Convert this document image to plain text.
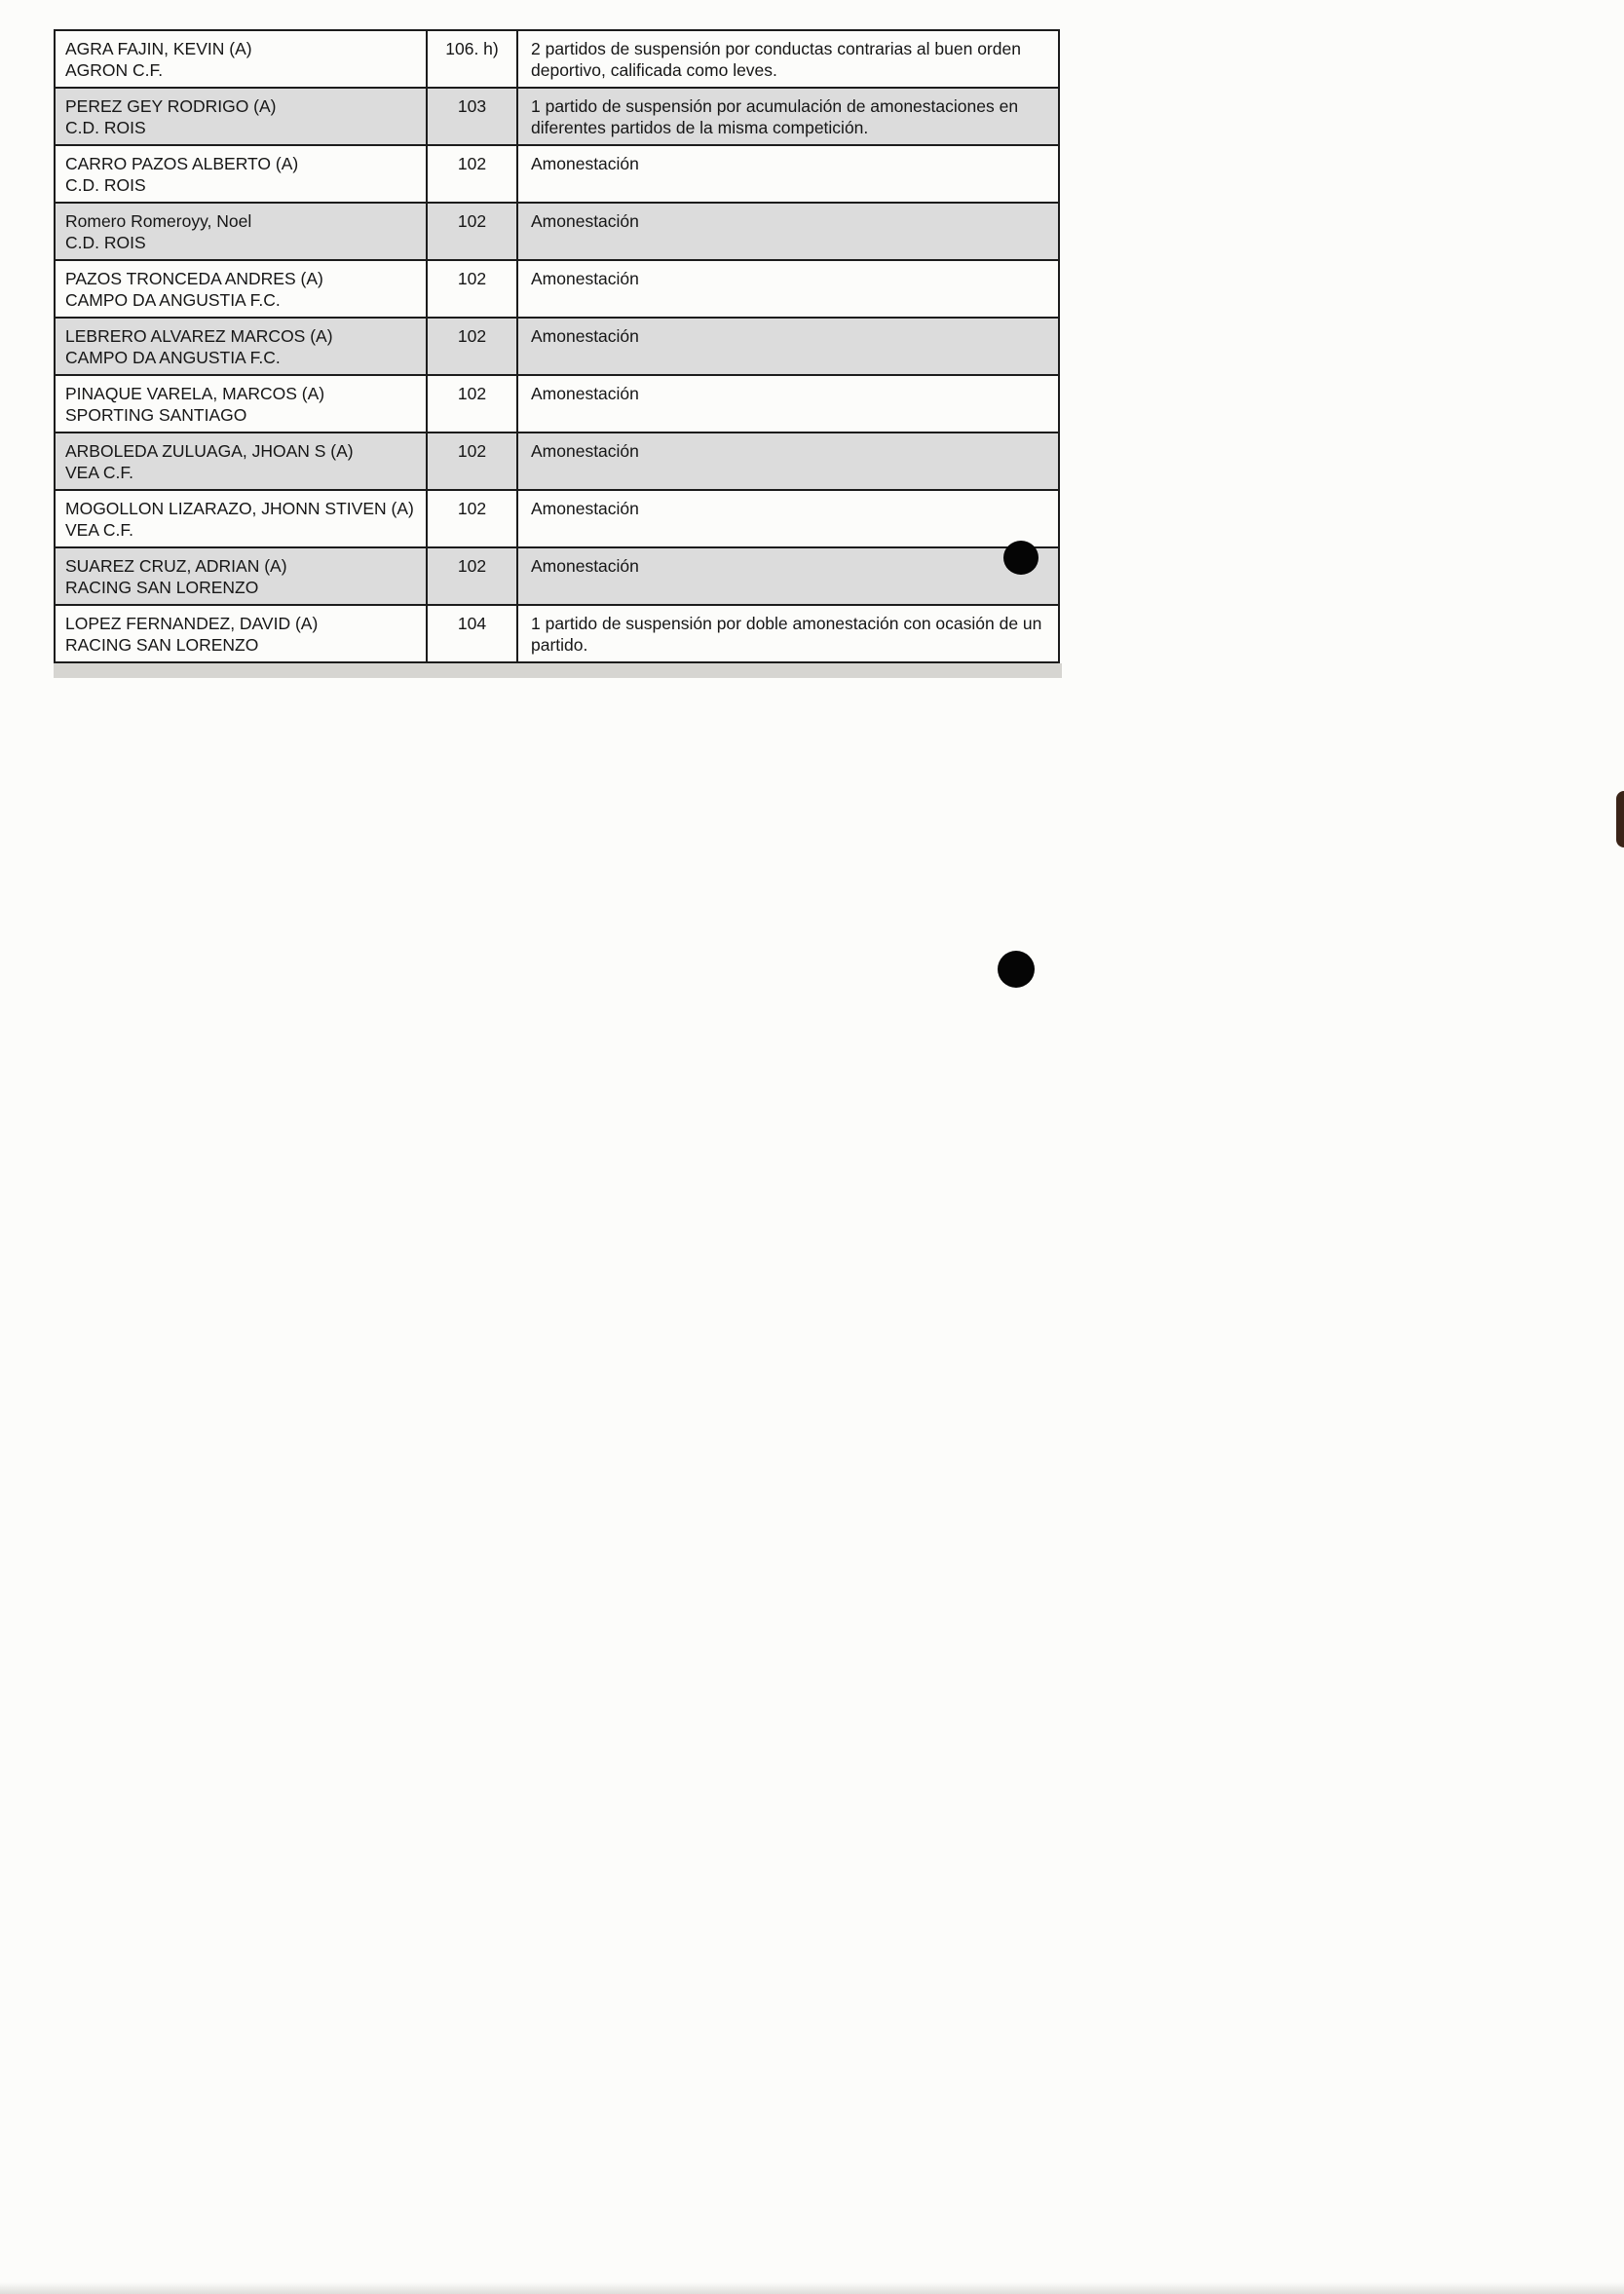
AGRA FAJIN, KEVIN (A)
AGRON C.F.
106. h)	2 partidos de suspensión por conductas contrarias al buen orden deportivo, calificada como leves.
PEREZ GEY RODRIGO (A)
C.D. ROIS
103	1 partido de suspensión por acumulación de amonestaciones en diferentes partidos de la misma competición.
CARRO PAZOS ALBERTO (A)
C.D. ROIS
102	Amonestación
Romero Romeroyy, Noel
C.D. ROIS
102	Amonestación
PAZOS TRONCEDA ANDRES (A)
CAMPO DA ANGUSTIA F.C.
102	Amonestación
LEBRERO ALVAREZ MARCOS (A)
CAMPO DA ANGUSTIA F.C.
102	Amonestación
PINAQUE VARELA, MARCOS (A)
SPORTING SANTIAGO
102	Amonestación
ARBOLEDA ZULUAGA, JHOAN S (A)
VEA C.F.
102	Amonestación
MOGOLLON LIZARAZO, JHONN STIVEN (A)
VEA C.F.
102	Amonestación
SUAREZ CRUZ, ADRIAN (A)
RACING SAN LORENZO
102	Amonestación
LOPEZ FERNANDEZ, DAVID (A)
RACING SAN LORENZO
104	1 partido de suspensión por doble amonestación con ocasión de un partido.
